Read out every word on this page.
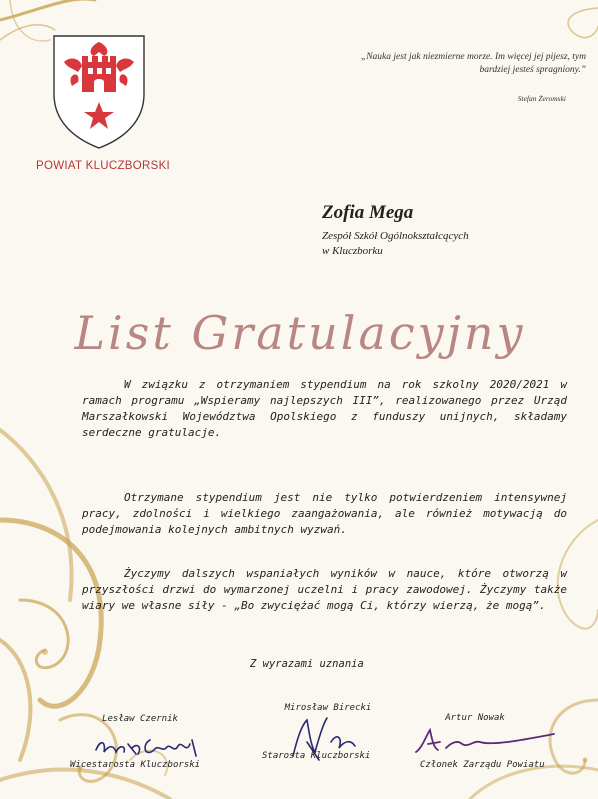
POWIAT KLUCZBORSKI
„Nauka jest jak niezmierne morze. Im więcej jej pijesz, tym bardziej jesteś spragniony.”
Stefan Żeromski
Zofia Mega
Zespół Szkół Ogólnokształcących
w Kluczborku
List Gratulacyjny

W związku z otrzymaniem stypendium na rok szkolny 2020/2021 w ramach programu „Wspieramy najlepszych III”, realizowanego przez Urząd Marszałkowski Województwa Opolskiego z funduszy unijnych, składamy serdeczne gratulacje.

Otrzymane stypendium jest nie tylko potwierdzeniem intensywnej pracy, zdolności i wielkiego zaangażowania, ale również motywacją do podejmowania kolejnych ambitnych wyzwań.

Życzymy dalszych wspaniałych wyników w nauce, które otworzą w przyszłości drzwi do wymarzonej uczelni i pracy zawodowej. Życzymy także wiary we własne siły - „Bo zwyciężać mogą Ci, którzy wierzą, że mogą”.

Z wyrazami uznania
Lesław Czernik
Wicestarosta Kluczborski
Mirosław Birecki
Starosta Kluczborski
Artur Nowak
Członek Zarządu Powiatu
